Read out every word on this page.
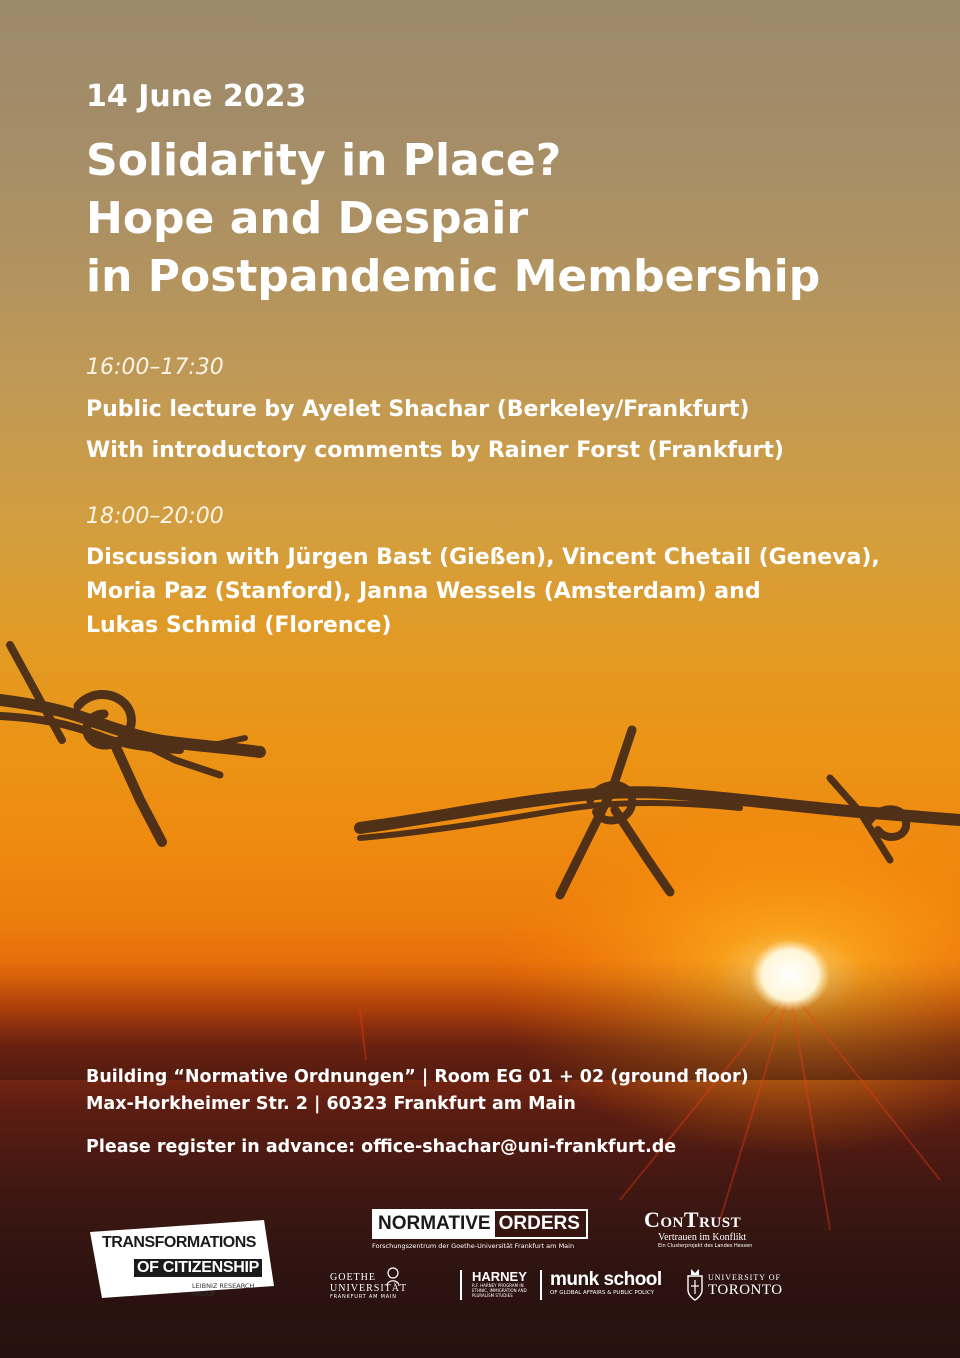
14 June 2023

Solidarity in Place?
Hope and Despair
in Postpandemic Membership

16:00–17:30

Public lecture by Ayelet Shachar (Berkeley/Frankfurt)

With introductory comments by Rainer Forst (Frankfurt)

18:00–20:00

Discussion with Jürgen Bast (Gießen), Vincent Chetail (Geneva),

Moria Paz (Stanford), Janna Wessels (Amsterdam) and

Lukas Schmid (Florence)

Building “Normative Ordnungen” | Room EG 01 + 02 (ground floor)

Max-Horkheimer Str. 2 | 60323 Frankfurt am Main

Please register in advance: office-shachar@uni-frankfurt.de

TRANSFORMATIONS
OF CITIZENSHIP
LEIBNIZ RESEARCH GROUP
NORMATIVE ORDERS
Forschungszentrum der Goethe-Universität Frankfurt am Main
ConTrust
Vertrauen im Konflikt
Ein Clusterprojekt des Landes Hessen
GOETHE
UNIVERSITÄT
FRANKFURT AM MAIN
HARNEY
R.F. HARNEY PROGRAM IN
ETHNIC, IMMIGRATION AND
PLURALISM STUDIES
munk school
OF GLOBAL AFFAIRS & PUBLIC POLICY
UNIVERSITY OF
TORONTO
